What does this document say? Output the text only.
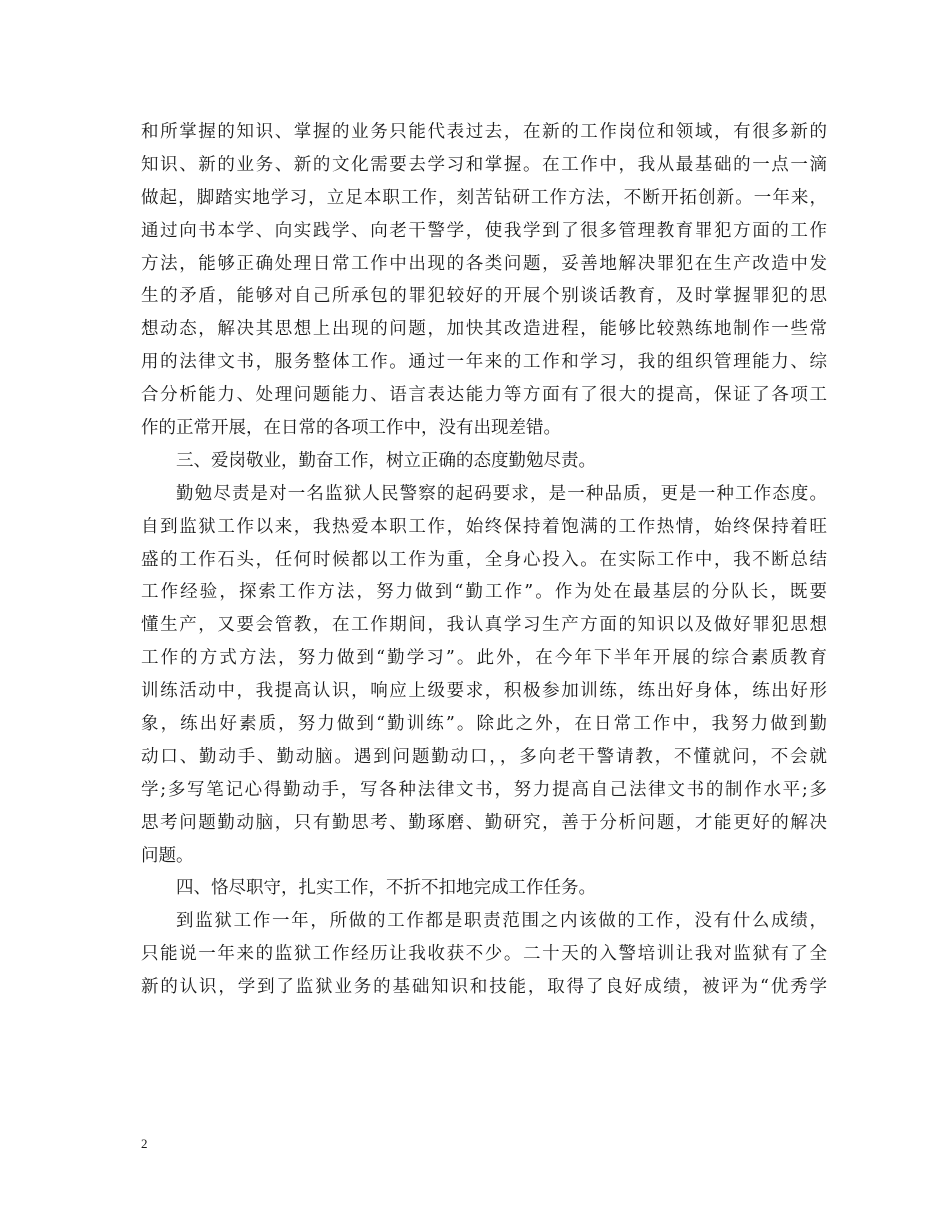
和所掌握的知识、掌握的业务只能代表过去，在新的工作岗位和领域，有很多新的
知识、新的业务、新的文化需要去学习和掌握。在工作中，我从最基础的一点一滴
做起，脚踏实地学习，立足本职工作，刻苦钻研工作方法，不断开拓创新。一年来，
通过向书本学、向实践学、向老干警学，使我学到了很多管理教育罪犯方面的工作
方法，能够正确处理日常工作中出现的各类问题，妥善地解决罪犯在生产改造中发
生的矛盾，能够对自己所承包的罪犯较好的开展个别谈话教育，及时掌握罪犯的思
想动态，解决其思想上出现的问题，加快其改造进程，能够比较熟练地制作一些常
用的法律文书，服务整体工作。通过一年来的工作和学习，我的组织管理能力、综
合分析能力、处理问题能力、语言表达能力等方面有了很大的提高，保证了各项工
作的正常开展，在日常的各项工作中，没有出现差错。
三、爱岗敬业，勤奋工作，树立正确的态度勤勉尽责。
勤勉尽责是对一名监狱人民警察的起码要求，是一种品质，更是一种工作态度。
自到监狱工作以来，我热爱本职工作，始终保持着饱满的工作热情，始终保持着旺
盛的工作石头，任何时候都以工作为重，全身心投入。在实际工作中，我不断总结
工作经验，探索工作方法，努力做到“勤工作”。作为处在最基层的分队长，既要
懂生产，又要会管教，在工作期间，我认真学习生产方面的知识以及做好罪犯思想
工作的方式方法，努力做到“勤学习”。此外，在今年下半年开展的综合素质教育
训练活动中，我提高认识，响应上级要求，积极参加训练，练出好身体，练出好形
象，练出好素质，努力做到“勤训练”。除此之外，在日常工作中，我努力做到勤
动口、勤动手、勤动脑。遇到问题勤动口，，多向老干警请教，不懂就问，不会就
学;多写笔记心得勤动手，写各种法律文书，努力提高自己法律文书的制作水平;多
思考问题勤动脑，只有勤思考、勤琢磨、勤研究，善于分析问题，才能更好的解决
问题。
四、恪尽职守，扎实工作，不折不扣地完成工作任务。
到监狱工作一年，所做的工作都是职责范围之内该做的工作，没有什么成绩，
只能说一年来的监狱工作经历让我收获不少。二十天的入警培训让我对监狱有了全
新的认识，学到了监狱业务的基础知识和技能，取得了良好成绩，被评为“优秀学
2
